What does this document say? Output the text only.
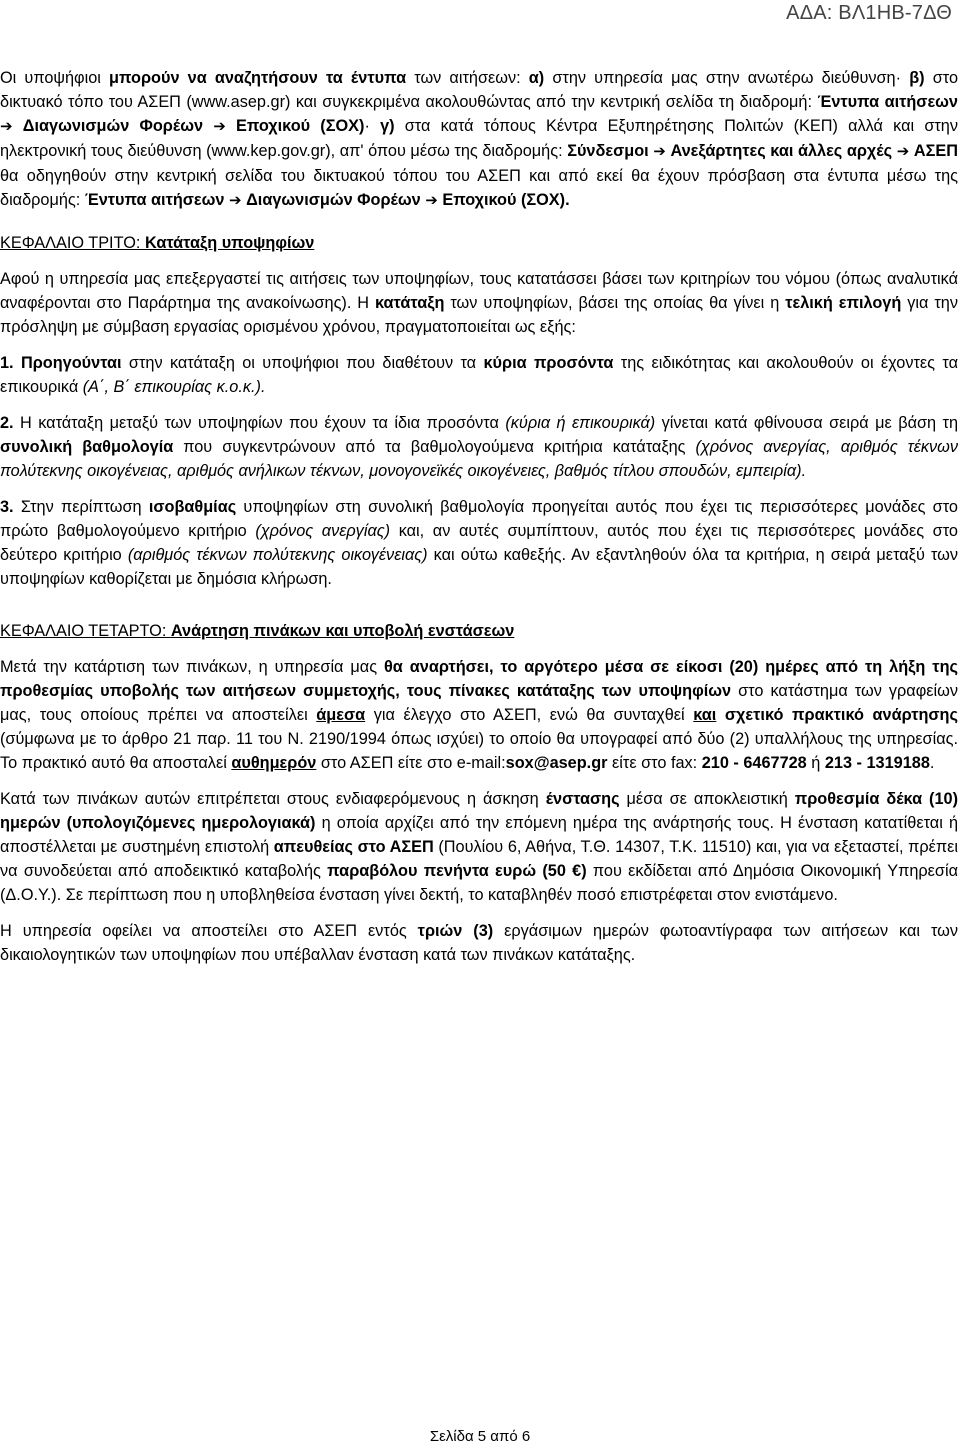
ΑΔΑ: ΒΛ1ΗΒ-7ΔΘ

Οι υποψήφιοι μπορούν να αναζητήσουν τα έντυπα των αιτήσεων: α) στην υπηρεσία μας στην ανωτέρω διεύθυνση· β) στο δικτυακό τόπο του ΑΣΕΠ (www.asep.gr) και συγκεκριμένα ακολουθώντας από την κεντρική σελίδα τη διαδρομή: Έντυπα αιτήσεων ➔ Διαγωνισμών Φορέων ➔ Εποχικού (ΣΟΧ)· γ) στα κατά τόπους Κέντρα Εξυπηρέτησης Πολιτών (ΚΕΠ) αλλά και στην ηλεκτρονική τους διεύθυνση (www.kep.gov.gr), απ' όπου μέσω της διαδρομής: Σύνδεσμοι ➔ Ανεξάρτητες και άλλες αρχές ➔ ΑΣΕΠ θα οδηγηθούν στην κεντρική σελίδα του δικτυακού τόπου του ΑΣΕΠ και από εκεί θα έχουν πρόσβαση στα έντυπα μέσω της διαδρομής: Έντυπα αιτήσεων ➔ Διαγωνισμών Φορέων ➔ Εποχικού (ΣΟΧ).

ΚΕΦΑΛΑΙΟ ΤΡΙΤΟ: Κατάταξη υποψηφίων

Αφού η υπηρεσία μας επεξεργαστεί τις αιτήσεις των υποψηφίων, τους κατατάσσει βάσει των κριτηρίων του νόμου (όπως αναλυτικά αναφέρονται στο Παράρτημα της ανακοίνωσης). Η κατάταξη των υποψηφίων, βάσει της οποίας θα γίνει η τελική επιλογή για την πρόσληψη με σύμβαση εργασίας ορισμένου χρόνου, πραγματοποιείται ως εξής:

1. Προηγούνται στην κατάταξη οι υποψήφιοι που διαθέτουν τα κύρια προσόντα της ειδικότητας και ακολουθούν οι έχοντες τα επικουρικά (Α΄, Β΄ επικουρίας κ.ο.κ.).

2. Η κατάταξη μεταξύ των υποψηφίων που έχουν τα ίδια προσόντα (κύρια ή επικουρικά) γίνεται κατά φθίνουσα σειρά με βάση τη συνολική βαθμολογία που συγκεντρώνουν από τα βαθμολογούμενα κριτήρια κατάταξης (χρόνος ανεργίας, αριθμός τέκνων πολύτεκνης οικογένειας, αριθμός ανήλικων τέκνων, μονογονεϊκές οικογένειες, βαθμός τίτλου σπουδών, εμπειρία).

3. Στην περίπτωση ισοβαθμίας υποψηφίων στη συνολική βαθμολογία προηγείται αυτός που έχει τις περισσότερες μονάδες στο πρώτο βαθμολογούμενο κριτήριο (χρόνος ανεργίας) και, αν αυτές συμπίπτουν, αυτός που έχει τις περισσότερες μονάδες στο δεύτερο κριτήριο (αριθμός τέκνων πολύτεκνης οικογένειας) και ούτω καθεξής. Αν εξαντληθούν όλα τα κριτήρια, η σειρά μεταξύ των υποψηφίων καθορίζεται με δημόσια κλήρωση.

ΚΕΦΑΛΑΙΟ ΤΕΤΑΡΤΟ: Ανάρτηση πινάκων και υποβολή ενστάσεων

Μετά την κατάρτιση των πινάκων, η υπηρεσία μας θα αναρτήσει, το αργότερο μέσα σε είκοσι (20) ημέρες από τη λήξη της προθεσμίας υποβολής των αιτήσεων συμμετοχής, τους πίνακες κατάταξης των υποψηφίων στο κατάστημα των γραφείων μας, τους οποίους πρέπει να αποστείλει άμεσα για έλεγχο στο ΑΣΕΠ, ενώ θα συνταχθεί και σχετικό πρακτικό ανάρτησης (σύμφωνα με το άρθρο 21 παρ. 11 του Ν. 2190/1994 όπως ισχύει) το οποίο θα υπογραφεί από δύο (2) υπαλλήλους της υπηρεσίας. Το πρακτικό αυτό θα αποσταλεί αυθημερόν στο ΑΣΕΠ είτε στο e-mail:sox@asep.gr είτε στο fax: 210 - 6467728 ή 213 - 1319188.

Κατά των πινάκων αυτών επιτρέπεται στους ενδιαφερόμενους η άσκηση ένστασης μέσα σε αποκλειστική προθεσμία δέκα (10) ημερών (υπολογιζόμενες ημερολογιακά) η οποία αρχίζει από την επόμενη ημέρα της ανάρτησής τους. Η ένσταση κατατίθεται ή αποστέλλεται με συστημένη επιστολή απευθείας στο ΑΣΕΠ (Πουλίου 6, Αθήνα, Τ.Θ. 14307, Τ.Κ. 11510) και, για να εξεταστεί, πρέπει να συνοδεύεται από αποδεικτικό καταβολής παραβόλου πενήντα ευρώ (50 €) που εκδίδεται από Δημόσια Οικονομική Υπηρεσία (Δ.Ο.Υ.). Σε περίπτωση που η υποβληθείσα ένσταση γίνει δεκτή, το καταβληθέν ποσό επιστρέφεται στον ενιστάμενο.

Η υπηρεσία οφείλει να αποστείλει στο ΑΣΕΠ εντός τριών (3) εργάσιμων ημερών φωτοαντίγραφα των αιτήσεων και των δικαιολογητικών των υποψηφίων που υπέβαλλαν ένσταση κατά των πινάκων κατάταξης.

Σελίδα 5 από 6
